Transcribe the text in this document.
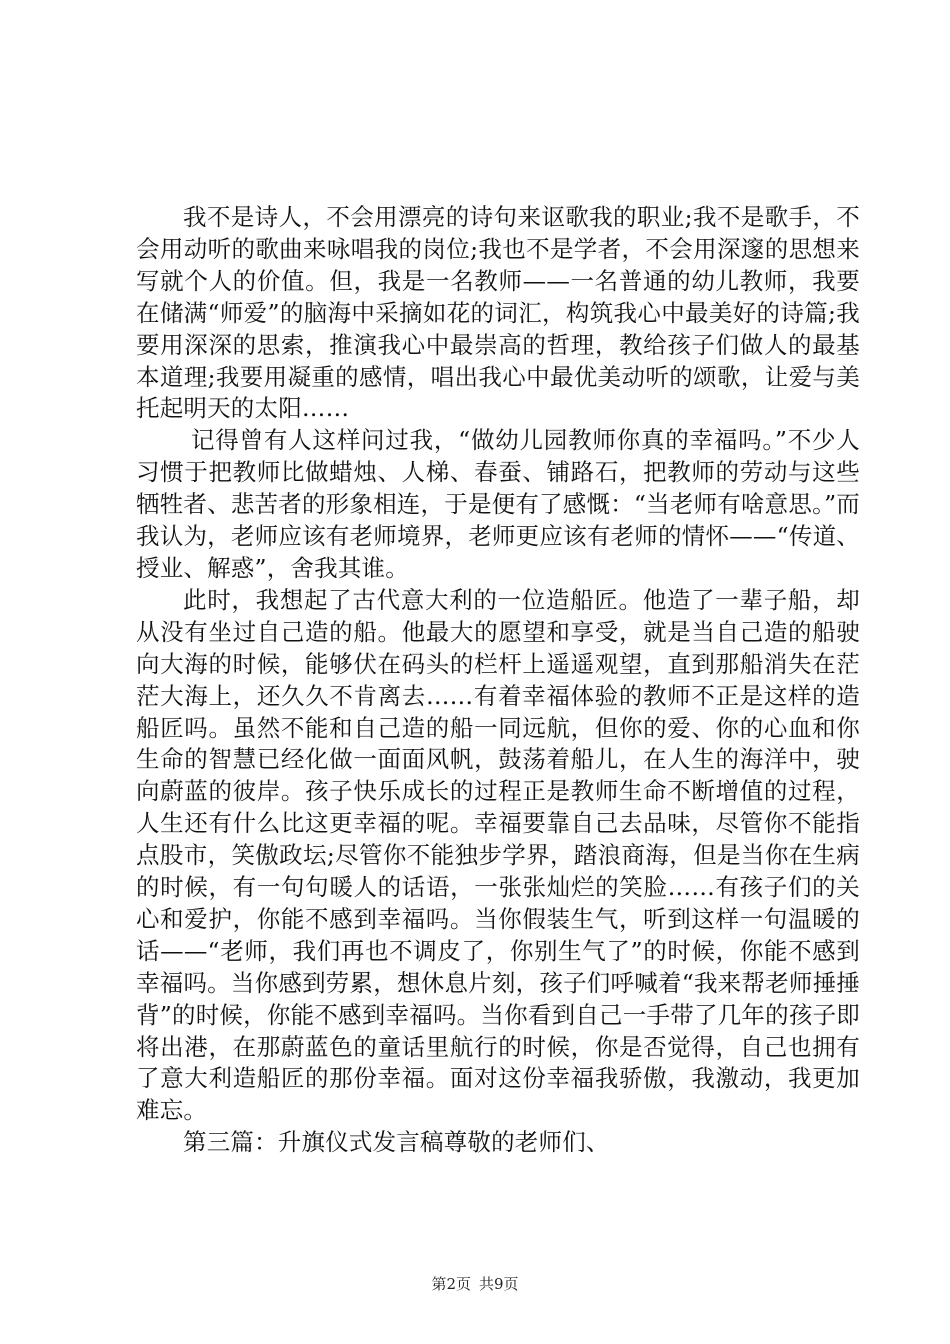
我不是诗人，不会用漂亮的诗句来讴歌我的职业;我不是歌手，不会用动听的歌曲来咏唱我的岗位;我也不是学者，不会用深邃的思想来写就个人的价值。但，我是一名教师——一名普通的幼儿教师，我要在储满“师爱”的脑海中采摘如花的词汇，构筑我心中最美好的诗篇;我要用深深的思索，推演我心中最崇高的哲理，教给孩子们做人的最基本道理;我要用凝重的感情，唱出我心中最优美动听的颂歌，让爱与美托起明天的太阳……

记得曾有人这样问过我，“做幼儿园教师你真的幸福吗。”不少人习惯于把教师比做蜡烛、人梯、春蚕、铺路石，把教师的劳动与这些牺牲者、悲苦者的形象相连，于是便有了感慨：“当老师有啥意思。”而我认为，老师应该有老师境界，老师更应该有老师的情怀——“传道、授业、解惑”，舍我其谁。

此时，我想起了古代意大利的一位造船匠。他造了一辈子船，却从没有坐过自己造的船。他最大的愿望和享受，就是当自己造的船驶向大海的时候，能够伏在码头的栏杆上遥遥观望，直到那船消失在茫茫大海上，还久久不肯离去……有着幸福体验的教师不正是这样的造船匠吗。虽然不能和自己造的船一同远航，但你的爱、你的心血和你生命的智慧已经化做一面面风帆，鼓荡着船儿，在人生的海洋中，驶向蔚蓝的彼岸。孩子快乐成长的过程正是教师生命不断增值的过程，人生还有什么比这更幸福的呢。幸福要靠自己去品味，尽管你不能指点股市，笑傲政坛;尽管你不能独步学界，踏浪商海，但是当你在生病的时候，有一句句暖人的话语，一张张灿烂的笑脸……有孩子们的关心和爱护，你能不感到幸福吗。当你假装生气，听到这样一句温暖的话——“老师，我们再也不调皮了，你别生气了”的时候，你能不感到幸福吗。当你感到劳累，想休息片刻，孩子们呼喊着“我来帮老师捶捶背”的时候，你能不感到幸福吗。当你看到自己一手带了几年的孩子即将出港，在那蔚蓝色的童话里航行的时候，你是否觉得，自己也拥有了意大利造船匠的那份幸福。面对这份幸福我骄傲，我激动，我更加难忘。

第三篇：升旗仪式发言稿尊敬的老师们、

第2页 共9页
